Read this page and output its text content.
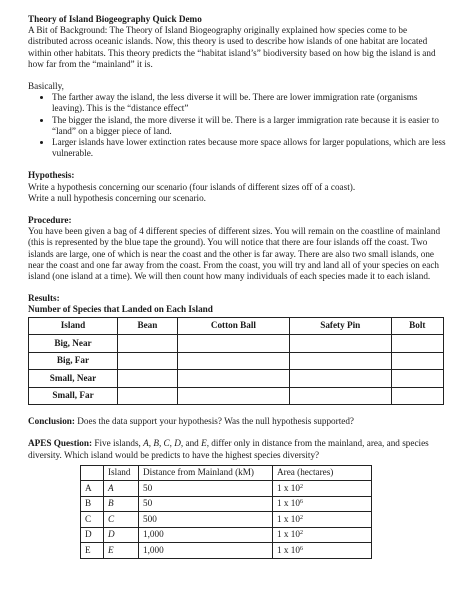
Theory of Island Biogeography Quick Demo

A Bit of Background: The Theory of Island Biogeography originally explained how species come to be distributed across oceanic islands. Now, this theory is used to describe how islands of one habitat are located within other habitats. This theory predicts the “habitat island’s” biodiversity based on how big the island is and how far from the “mainland” it is.

Basically,

• The farther away the island, the less diverse it will be. There are lower immigration rate (organisms leaving). This is the “distance effect”
• The bigger the island, the more diverse it will be. There is a larger immigration rate because it is easier to “land” on a bigger piece of land.
• Larger islands have lower extinction rates because more space allows for larger populations, which are less vulnerable.

Hypothesis:

Write a hypothesis concerning our scenario (four islands of different sizes off of a coast).

Write a null hypothesis concerning our scenario.

Procedure:

You have been given a bag of 4 different species of different sizes. You will remain on the coastline of mainland (this is represented by the blue tape the ground). You will notice that there are four islands off the coast. Two islands are large, one of which is near the coast and the other is far away. There are also two small islands, one near the coast and one far away from the coast. From the coast, you will try and land all of your species on each island (one island at a time). We will then count how many individuals of each species made it to each island.

Results:

Number of Species that Landed on Each Island

Island	Bean	Cotton Ball	Safety Pin	Bolt
Big, Near				
Big, Far				
Small, Near				
Small, Far				

Conclusion: Does the data support your hypothesis? Was the null hypothesis supported?

APES Question: Five islands, A, B, C, D, and E, differ only in distance from the mainland, area, and species diversity. Which island would be predicts to have the highest species diversity?

	Island	Distance from Mainland (kM)	Area (hectares)
A	A	50	1 x $10^2$
B	B	50	1 x $10^6$
C	C	500	1 x $10^2$
D	D	1,000	1 x $10^2$
E	E	1,000	1 x $10^6$
